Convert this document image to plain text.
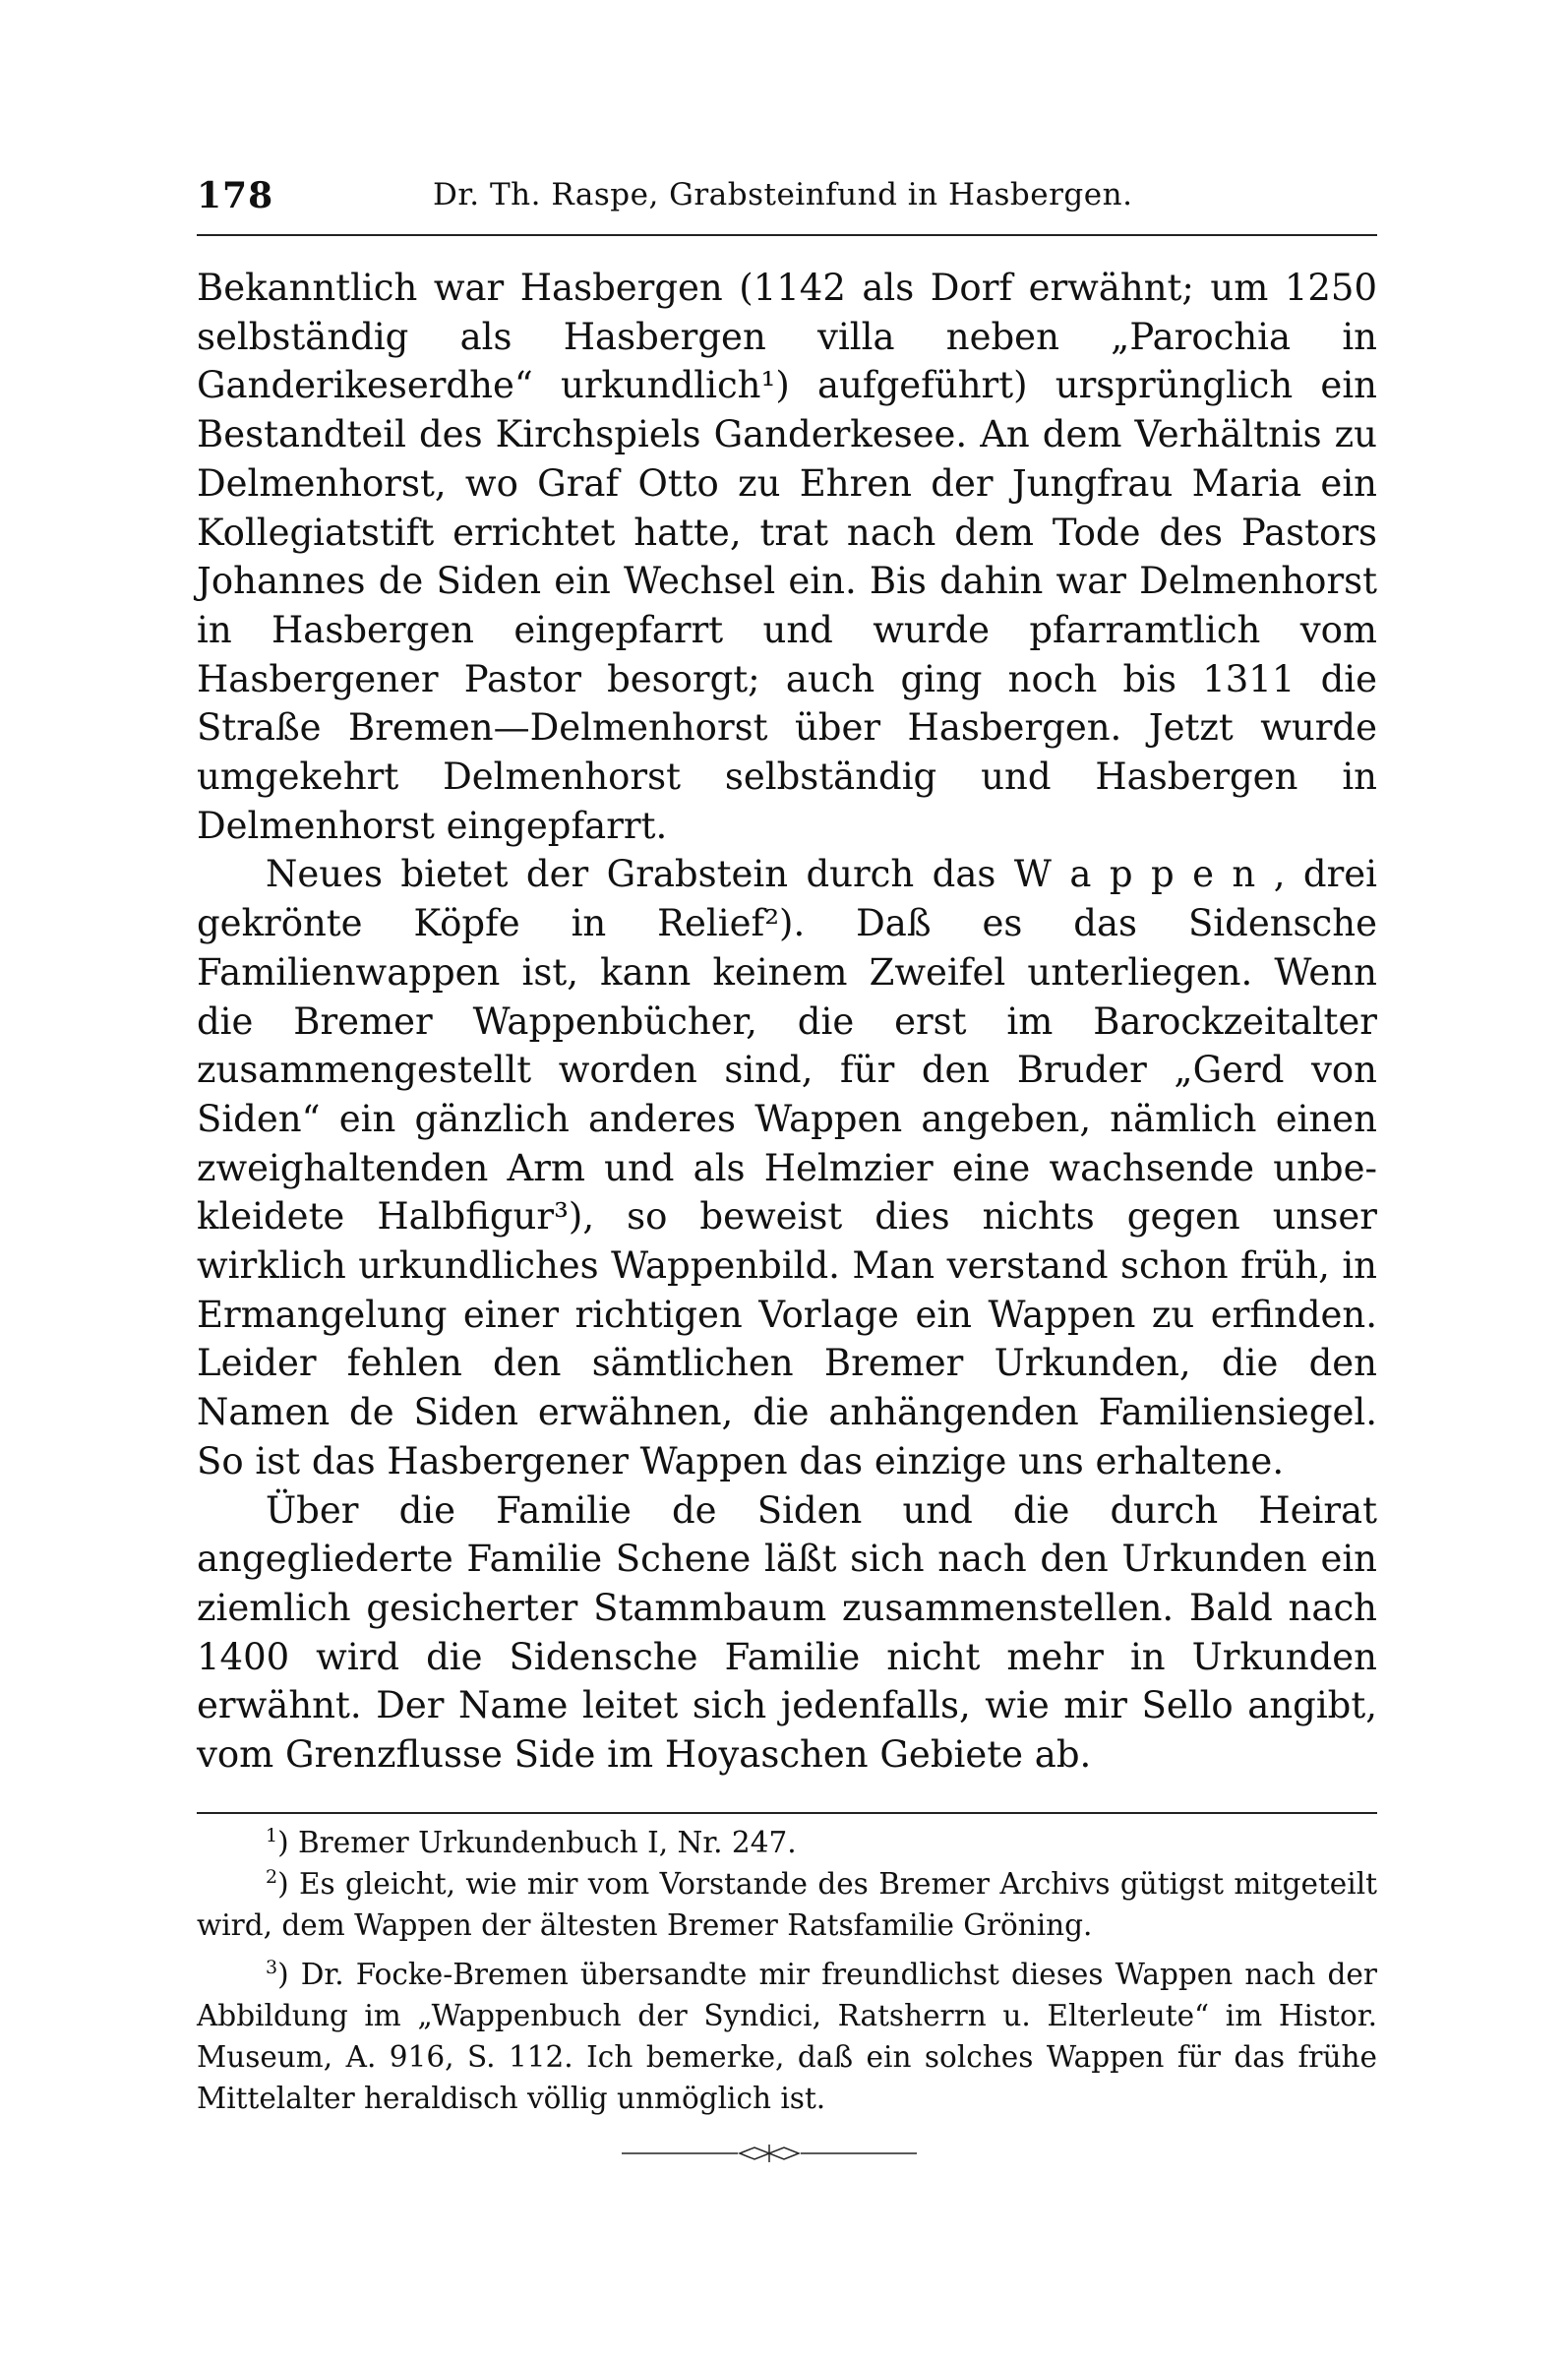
178	Dr. Th. Raspe, Grabsteinfund in Hasbergen.

Bekanntlich war Hasbergen (1142 als Dorf erwähnt; um 1250 selbständig als Hasbergen villa neben „Parochia in Ganderikeserdhe“ urkundlich¹) aufgeführt) ursprünglich ein Bestandteil des Kirchspiels Ganderkesee. An dem Verhältnis zu Delmenhorst, wo Graf Otto zu Ehren der Jungfrau Maria ein Kollegiatstift errichtet hatte, trat nach dem Tode des Pastors Johannes de Siden ein Wechsel ein. Bis dahin war Delmenhorst in Hasbergen eingepfarrt und wurde pfarramtlich vom Hasbergener Pastor besorgt; auch ging noch bis 1311 die Straße Bremen—Delmenhorst über Hasbergen. Jetzt wurde umgekehrt Delmenhorst selbständig und Hasbergen in Delmenhorst eingepfarrt.

Neues bietet der Grabstein durch das W a p p e n , drei gekrönte Köpfe in Relief²). Daß es das Sidensche Familienwappen ist, kann keinem Zweifel unterliegen. Wenn die Bremer Wappenbücher, die erst im Barockzeitalter zusammengestellt worden sind, für den Bruder „Gerd von Siden“ ein gänzlich anderes Wappen angeben, nämlich einen zweighaltenden Arm und als Helmzier eine wachsende unbekleidete Halbfigur³), so beweist dies nichts gegen unser wirklich urkundliches Wappenbild. Man verstand schon früh, in Ermangelung einer richtigen Vorlage ein Wappen zu erfinden. Leider fehlen den sämtlichen Bremer Urkunden, die den Namen de Siden erwähnen, die anhängenden Familiensiegel. So ist das Hasbergener Wappen das einzige uns erhaltene.

Über die Familie de Siden und die durch Heirat angegliederte Familie Schene läßt sich nach den Urkunden ein ziemlich gesicherter Stammbaum zusammenstellen. Bald nach 1400 wird die Sidensche Familie nicht mehr in Urkunden erwähnt. Der Name leitet sich jedenfalls, wie mir Sello angibt, vom Grenzflusse Side im Hoyaschen Gebiete ab.

$^1$) Bremer Urkundenbuch I, Nr. 247.

$^2$) Es gleicht, wie mir vom Vorstande des Bremer Archivs gütigst mitgeteilt wird, dem Wappen der ältesten Bremer Ratsfamilie Gröning.

$^3$) Dr. Focke-Bremen übersandte mir freundlichst dieses Wappen nach der Abbildung im „Wappenbuch der Syndici, Ratsherrn u. Elterleute“ im Histor. Museum, A. 916, S. 112. Ich bemerke, daß ein solches Wappen für das frühe Mittelalter heraldisch völlig unmöglich ist.
